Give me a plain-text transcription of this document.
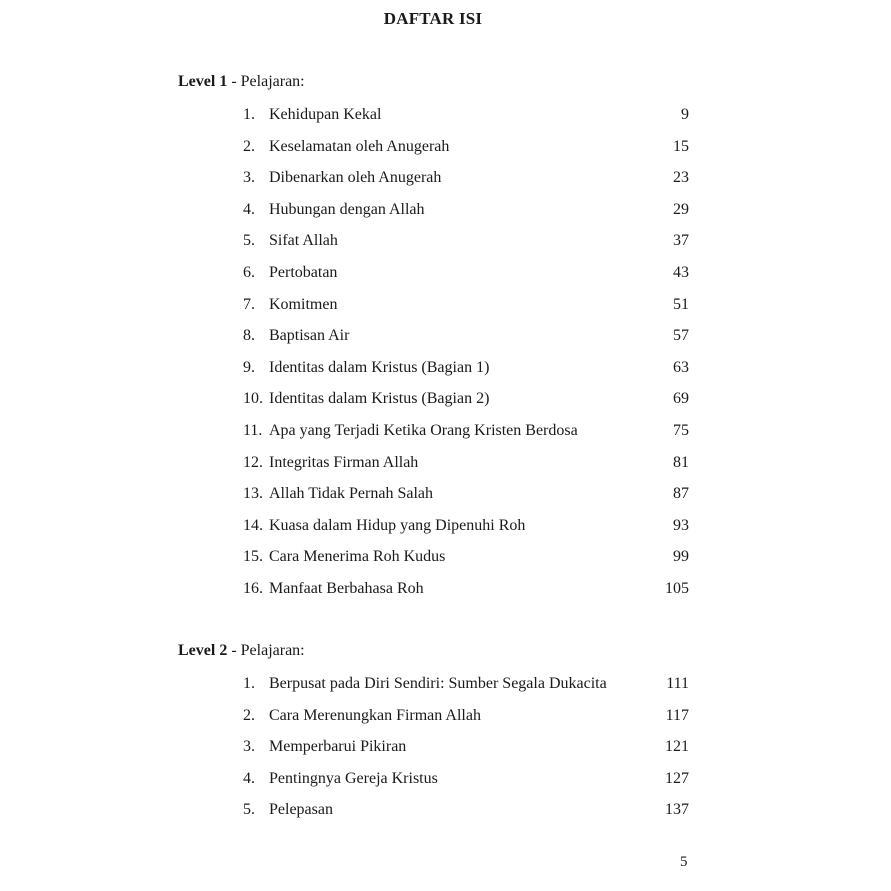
DAFTAR ISI
Level 1 - Pelajaran:
1. Kehidupan Kekal	9
2. Keselamatan oleh Anugerah	15
3. Dibenarkan oleh Anugerah	23
4. Hubungan dengan Allah	29
5. Sifat Allah	37
6. Pertobatan	43
7. Komitmen	51
8. Baptisan Air	57
9. Identitas dalam Kristus (Bagian 1)	63
10. Identitas dalam Kristus (Bagian 2)	69
11. Apa yang Terjadi Ketika Orang Kristen Berdosa	75
12. Integritas Firman Allah	81
13. Allah Tidak Pernah Salah	87
14. Kuasa dalam Hidup yang Dipenuhi Roh	93
15. Cara Menerima Roh Kudus	99
16. Manfaat Berbahasa Roh	105
Level 2 - Pelajaran:
1. Berpusat pada Diri Sendiri: Sumber Segala Dukacita	111
2. Cara Merenungkan Firman Allah	117
3. Memperbarui Pikiran	121
4. Pentingnya Gereja Kristus	127
5. Pelepasan	137
5
